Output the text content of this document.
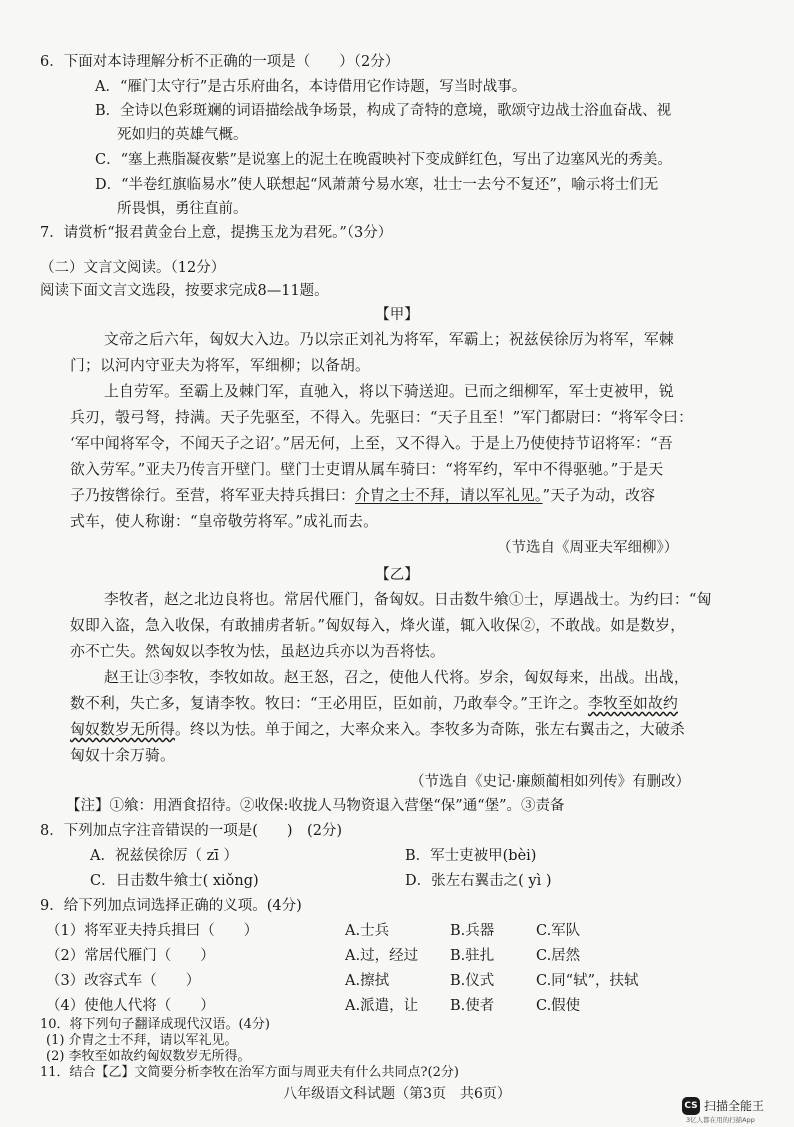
6．下面对本诗理解分析不正确的一项是（　　）（2分）
A．“雁门太守行”是古乐府曲名，本诗借用它作诗题，写当时战事。
B．全诗以色彩斑斓的词语描绘战争场景，构成了奇特的意境，歌颂守边战士浴血奋战、视
死如归的英雄气概。
C．“塞上燕脂凝夜紫”是说塞上的泥土在晚霞映衬下变成鲜红色，写出了边塞风光的秀美。
D．“半卷红旗临易水”使人联想起“风萧萧兮易水寒，壮士一去兮不复还”，喻示将士们无
所畏惧，勇往直前。
7．请赏析“报君黄金台上意，提携玉龙为君死。”（3分）
（二）文言文阅读。（12分）
阅读下面文言文选段，按要求完成8—11题。
【甲】
文帝之后六年，匈奴大入边。乃以宗正刘礼为将军，军霸上；祝兹侯徐厉为将军，军棘
门；以河内守亚夫为将军，军细柳；以备胡。
上自劳军。至霸上及棘门军，直驰入，将以下骑送迎。已而之细柳军，军士吏被甲，锐
兵刃，彀弓弩，持满。天子先驱至，不得入。先驱曰：“天子且至！”军门都尉曰：“将军令曰：
‘军中闻将军令，不闻天子之诏’。”居无何，上至，又不得入。于是上乃使使持节诏将军：“吾
欲入劳军。”亚夫乃传言开壁门。壁门士吏谓从属车骑曰：“将军约，军中不得驱驰。”于是天
子乃按辔徐行。至营，将军亚夫持兵揖曰：介胄之士不拜，请以军礼见。”天子为动，改容
式车，使人称谢：“皇帝敬劳将军。”成礼而去。
（节选自《周亚夫军细柳》）
【乙】
李牧者，赵之北边良将也。常居代雁门，备匈奴。日击数牛飨①士，厚遇战士。为约曰：“匈
奴即入盗，急入收保，有敢捕虏者斩。”匈奴每入，烽火谨，辄入收保②，不敢战。如是数岁，
亦不亡失。然匈奴以李牧为怯，虽赵边兵亦以为吾将怯。
赵王让③李牧，李牧如故。赵王怒，召之，使他人代将。岁余，匈奴每来，出战。出战，
数不利，失亡多，复请李牧。牧曰：“王必用臣，臣如前，乃敢奉令。”王许之。李牧至如故约
匈奴数岁无所得。终以为怯。单于闻之，大率众来入。李牧多为奇陈，张左右翼击之，大破杀
匈奴十余万骑。
（节选自《史记·廉颇蔺相如列传》有删改）
【注】①飨：用酒食招待。②收保:收拢人马物资退入营堡“保”通“堡”。③责备
8．下列加点字注音错误的一项是(　　)　(2分)
A．祝兹侯徐厉（ zī ）	B．军士吏被甲(bèi)
C．日击数牛飨士( xiǒng)	D．张左右翼击之( yì )
9．给下列加点词选择正确的义项。(4分)
（1）将军亚夫持兵揖曰（　　）	A.士兵	B.兵器	C.军队
（2）常居代雁门（　　）	A.过，经过 B.驻扎	C.居然
（3）改容式车（　　）	A.擦拭	B.仪式	C.同“轼”，扶轼
（4）使他人代将（　　）	A.派遣，让 B.使者	C.假使
10．将下列句子翻译成现代汉语。(4分)
(1) 介胄之士不拜，请以军礼见。
(2) 李牧至如故约匈奴数岁无所得。
11．结合【乙】文简要分析李牧在治军方面与周亚夫有什么共同点?(2分)
八年级语文科试题（第3页　共6页）
CS 扫描全能王
3亿人都在用的扫描App
